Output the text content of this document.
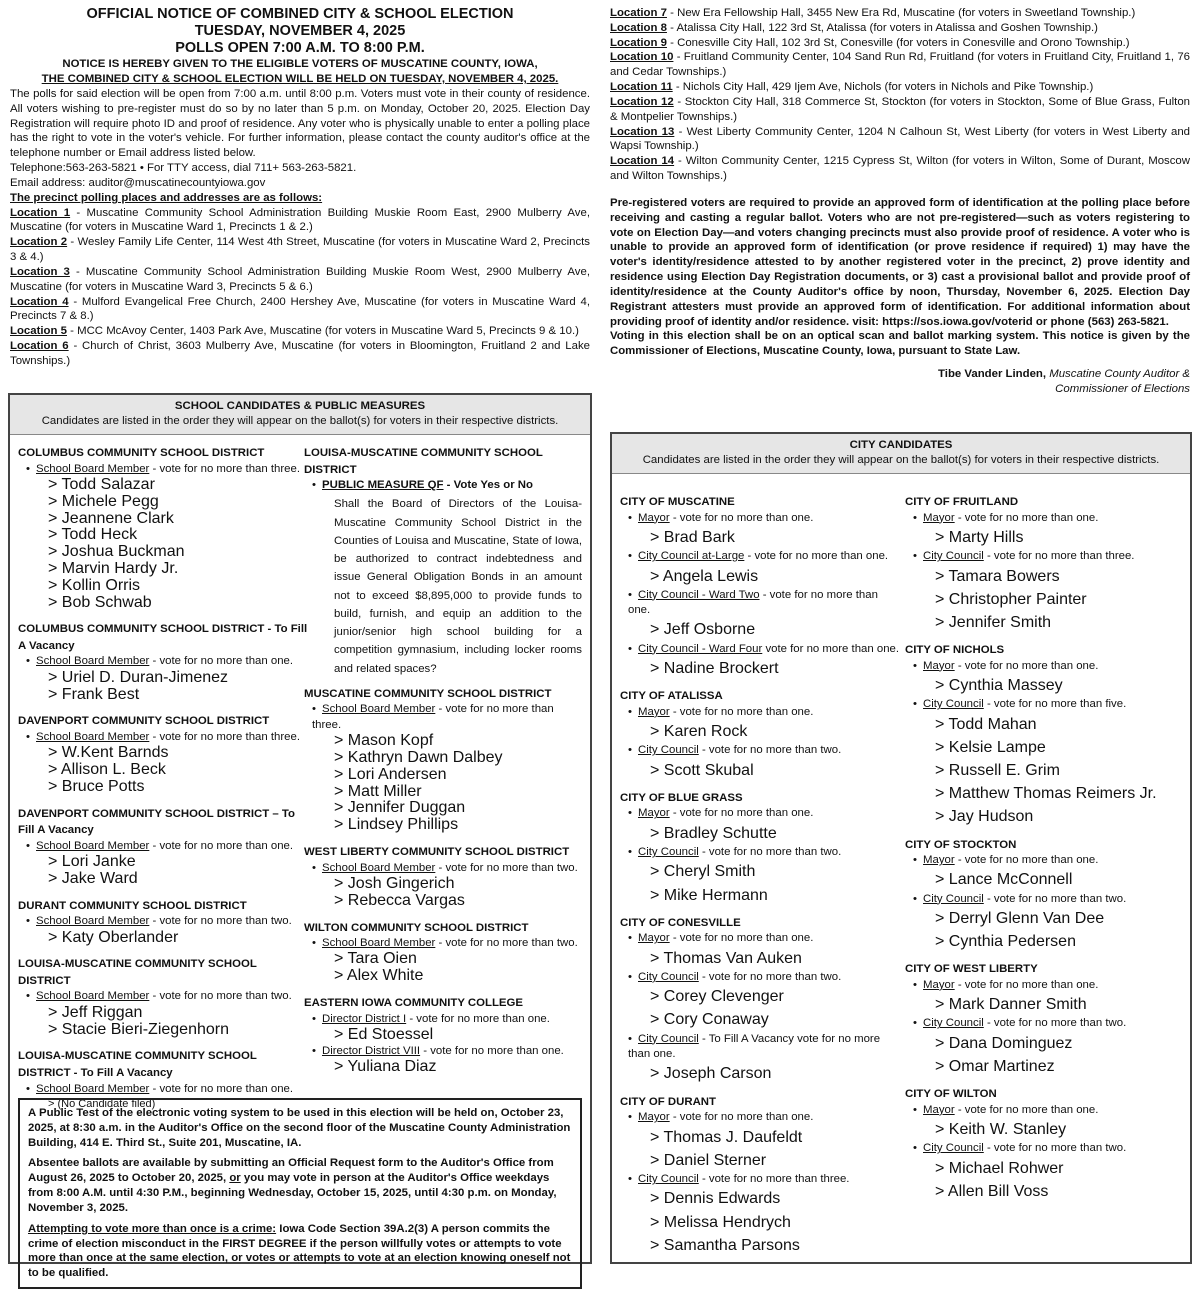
OFFICIAL NOTICE OF COMBINED CITY & SCHOOL ELECTION
TUESDAY, NOVEMBER 4, 2025
POLLS OPEN 7:00 A.M. TO 8:00 P.M.
NOTICE IS HEREBY GIVEN TO THE ELIGIBLE VOTERS OF MUSCATINE COUNTY, IOWA,
THE COMBINED CITY & SCHOOL ELECTION WILL BE HELD ON TUESDAY, NOVEMBER 4, 2025.
The polls for said election will be open from 7:00 a.m. until 8:00 p.m. Voters must vote in their county of residence. All voters wishing to pre-register must do so by no later than 5 p.m. on Monday, October 20, 2025. Election Day Registration will require photo ID and proof of residence. Any voter who is physically unable to enter a polling place has the right to vote in the voter's vehicle. For further information, please contact the county auditor's office at the telephone number or Email address listed below.
Telephone:563-263-5821 • For TTY access, dial 711+ 563-263-5821.
Email address: auditor@muscatinecountyiowa.gov
The precinct polling places and addresses are as follows:
Location 1 - Muscatine Community School Administration Building Muskie Room East, 2900 Mulberry Ave, Muscatine (for voters in Muscatine Ward 1, Precincts 1 & 2.)
Location 2 - Wesley Family Life Center, 114 West 4th Street, Muscatine (for voters in Muscatine Ward 2, Precincts 3 & 4.)
Location 3 - Muscatine Community School Administration Building Muskie Room West, 2900 Mulberry Ave, Muscatine (for voters in Muscatine Ward 3, Precincts 5 & 6.)
Location 4 - Mulford Evangelical Free Church, 2400 Hershey Ave, Muscatine (for voters in Muscatine Ward 4, Precincts 7 & 8.)
Location 5 - MCC McAvoy Center, 1403 Park Ave, Muscatine (for voters in Muscatine Ward 5, Precincts 9 & 10.)
Location 6 - Church of Christ, 3603 Mulberry Ave, Muscatine (for voters in Bloomington, Fruitland 2 and Lake Townships.)
Location 7 - New Era Fellowship Hall, 3455 New Era Rd, Muscatine (for voters in Sweetland Township.)
Location 8 - Atalissa City Hall, 122 3rd St, Atalissa (for voters in Atalissa and Goshen Township.)
Location 9 - Conesville City Hall, 102 3rd St, Conesville (for voters in Conesville and Orono Township.)
Location 10 - Fruitland Community Center, 104 Sand Run Rd, Fruitland (for voters in Fruitland City, Fruitland 1, 76 and Cedar Townships.)
Location 11 - Nichols City Hall, 429 Ijem Ave, Nichols (for voters in Nichols and Pike Township.)
Location 12 - Stockton City Hall, 318 Commerce St, Stockton (for voters in Stockton, Some of Blue Grass, Fulton & Montpelier Townships.)
Location 13 - West Liberty Community Center, 1204 N Calhoun St, West Liberty (for voters in West Liberty and Wapsi Township.)
Location 14 - Wilton Community Center, 1215 Cypress St, Wilton (for voters in Wilton, Some of Durant, Moscow and Wilton Townships.)
Pre-registered voters are required to provide an approved form of identification at the polling place before receiving and casting a regular ballot. Voters who are not pre-registered—such as voters registering to vote on Election Day—and voters changing precincts must also provide proof of residence. A voter who is unable to provide an approved form of identification (or prove residence if required) 1) may have the voter's identity/residence attested to by another registered voter in the precinct, 2) prove identity and residence using Election Day Registration documents, or 3) cast a provisional ballot and provide proof of identity/residence at the County Auditor's office by noon, Thursday, November 6, 2025. Election Day Registrant attesters must provide an approved form of identification. For additional information about providing proof of identity and/or residence. visit: https://sos.iowa.gov/voterid or phone (563) 263-5821.
Voting in this election shall be on an optical scan and ballot marking system. This notice is given by the Commissioner of Elections, Muscatine County, Iowa, pursuant to State Law.
Tibe Vander Linden, Muscatine County Auditor &
Commissioner of Elections
SCHOOL CANDIDATES & PUBLIC MEASURES
Candidates are listed in the order they will appear on the ballot(s) for voters in their respective districts.
COLUMBUS COMMUNITY SCHOOL DISTRICT
• School Board Member - vote for no more than three.
> Todd Salazar
> Michele Pegg
> Jeannene Clark
> Todd Heck
> Joshua Buckman
> Marvin Hardy Jr.
> Kollin Orris
> Bob Schwab
COLUMBUS COMMUNITY SCHOOL DISTRICT - To Fill A Vacancy
• School Board Member - vote for no more than one.
> Uriel D. Duran-Jimenez
> Frank Best
DAVENPORT COMMUNITY SCHOOL DISTRICT
• School Board Member - vote for no more than three.
> W.Kent Barnds
> Allison L. Beck
> Bruce Potts
DAVENPORT COMMUNITY SCHOOL DISTRICT – To Fill A Vacancy
• School Board Member - vote for no more than one.
> Lori Janke
> Jake Ward
DURANT COMMUNITY SCHOOL DISTRICT
• School Board Member - vote for no more than two.
> Katy Oberlander
LOUISA-MUSCATINE COMMUNITY SCHOOL DISTRICT
• School Board Member - vote for no more than two.
> Jeff Riggan
> Stacie Bieri-Ziegenhorn
LOUISA-MUSCATINE COMMUNITY SCHOOL DISTRICT - To Fill A Vacancy
• School Board Member - vote for no more than one.
> (No Candidate filed)
LOUISA-MUSCATINE COMMUNITY SCHOOL DISTRICT
• PUBLIC MEASURE QF - Vote Yes or No
Shall the Board of Directors of the Louisa-Muscatine Community School District in the Counties of Louisa and Muscatine, State of Iowa, be authorized to contract indebtedness and issue General Obligation Bonds in an amount not to exceed $8,895,000 to provide funds to build, furnish, and equip an addition to the junior/senior high school building for a competition gymnasium, including locker rooms and related spaces?
MUSCATINE COMMUNITY SCHOOL DISTRICT
• School Board Member - vote for no more than three.
> Mason Kopf
> Kathryn Dawn Dalbey
> Lori Andersen
> Matt Miller
> Jennifer Duggan
> Lindsey Phillips
WEST LIBERTY COMMUNITY SCHOOL DISTRICT
• School Board Member - vote for no more than two.
> Josh Gingerich
> Rebecca Vargas
WILTON COMMUNITY SCHOOL DISTRICT
• School Board Member - vote for no more than two.
> Tara Oien
> Alex White
EASTERN IOWA COMMUNITY COLLEGE
• Director District I - vote for no more than one.
> Ed Stoessel
• Director District VIII - vote for no more than one.
> Yuliana Diaz

A Public Test of the electronic voting system to be used in this election will be held on, October 23, 2025, at 8:30 a.m. in the Auditor's Office on the second floor of the Muscatine County Administration Building, 414 E. Third St., Suite 201, Muscatine, IA.

Absentee ballots are available by submitting an Official Request form to the Auditor's Office from August 26, 2025 to October 20, 2025, or you may vote in person at the Auditor's Office weekdays from 8:00 A.M. until 4:30 P.M., beginning Wednesday, October 15, 2025, until 4:30 p.m. on Monday, November 3, 2025.

Attempting to vote more than once is a crime: Iowa Code Section 39A.2(3) A person commits the crime of election misconduct in the FIRST DEGREE if the person willfully votes or attempts to vote more than once at the same election, or votes or attempts to vote at an election knowing oneself not to be qualified.

CITY CANDIDATES
Candidates are listed in the order they will appear on the ballot(s) for voters in their respective districts.
CITY OF MUSCATINE
• Mayor - vote for no more than one.
> Brad Bark
• City Council at-Large - vote for no more than one.
> Angela Lewis
• City Council - Ward Two - vote for no more than one.
> Jeff Osborne
• City Council - Ward Four vote for no more than one.
> Nadine Brockert
CITY OF ATALISSA
• Mayor - vote for no more than one.
> Karen Rock
• City Council - vote for no more than two.
> Scott Skubal
CITY OF BLUE GRASS
• Mayor - vote for no more than one.
> Bradley Schutte
• City Council - vote for no more than two.
> Cheryl Smith
> Mike Hermann
CITY OF CONESVILLE
• Mayor - vote for no more than one.
> Thomas Van Auken
• City Council - vote for no more than two.
> Corey Clevenger
> Cory Conaway
• City Council - To Fill A Vacancy vote for no more than one.
> Joseph Carson
CITY OF DURANT
• Mayor - vote for no more than one.
> Thomas J. Daufeldt
> Daniel Sterner
• City Council - vote for no more than three.
> Dennis Edwards
> Melissa Hendrych
> Samantha Parsons
CITY OF FRUITLAND
• Mayor - vote for no more than one.
> Marty Hills
• City Council - vote for no more than three.
> Tamara Bowers
> Christopher Painter
> Jennifer Smith
CITY OF NICHOLS
• Mayor - vote for no more than one.
> Cynthia Massey
• City Council - vote for no more than five.
> Todd Mahan
> Kelsie Lampe
> Russell E. Grim
> Matthew Thomas Reimers Jr.
> Jay Hudson
CITY OF STOCKTON
• Mayor - vote for no more than one.
> Lance McConnell
• City Council - vote for no more than two.
> Derryl Glenn Van Dee
> Cynthia Pedersen
CITY OF WEST LIBERTY
• Mayor - vote for no more than one.
> Mark Danner Smith
• City Council - vote for no more than two.
> Dana Dominguez
> Omar Martinez
CITY OF WILTON
• Mayor - vote for no more than one.
> Keith W. Stanley
• City Council - vote for no more than two.
> Michael Rohwer
> Allen Bill Voss
